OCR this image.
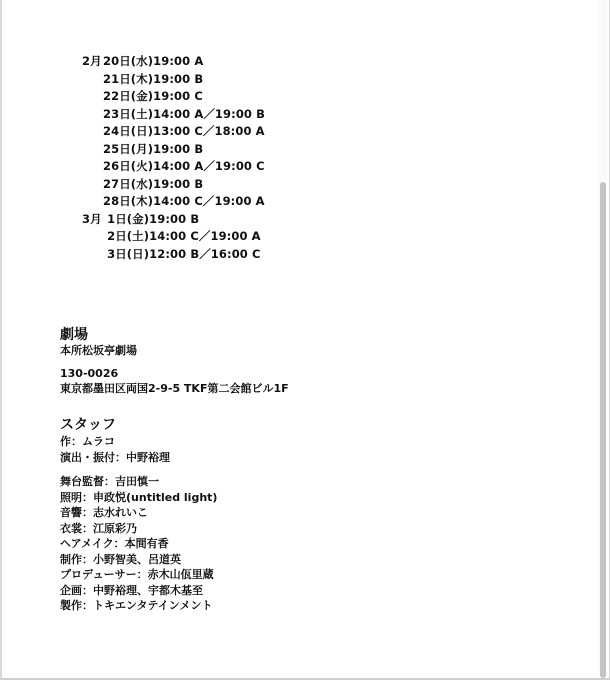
2月 20日(水)19:00 A
21日(木)19:00 B
22日(金)19:00 C
23日(土)14:00 A／19:00 B
24日(日)13:00 C／18:00 A
25日(月)19:00 B
26日(火)14:00 A／19:00 C
27日(水)19:00 B
28日(木)14:00 C／19:00 A
3月 1日(金)19:00 B
2日(土)14:00 C／19:00 A
3日(日)12:00 B／16:00 C
劇場
本所松坂亭劇場
130-0026
東京都墨田区両国2-9-5 TKF第二会館ビル1F
スタッフ
作：ムラコ
演出・振付：中野裕理
舞台監督：吉田慎一
照明：申政悦(untitled light)
音響：志水れいこ
衣裳：江原彩乃
ヘアメイク：本間有香
制作：小野智美、呂道英
プロデューサー：赤木山佤里蔵
企画：中野裕理、宇都木基至
製作：トキエンタテインメント
